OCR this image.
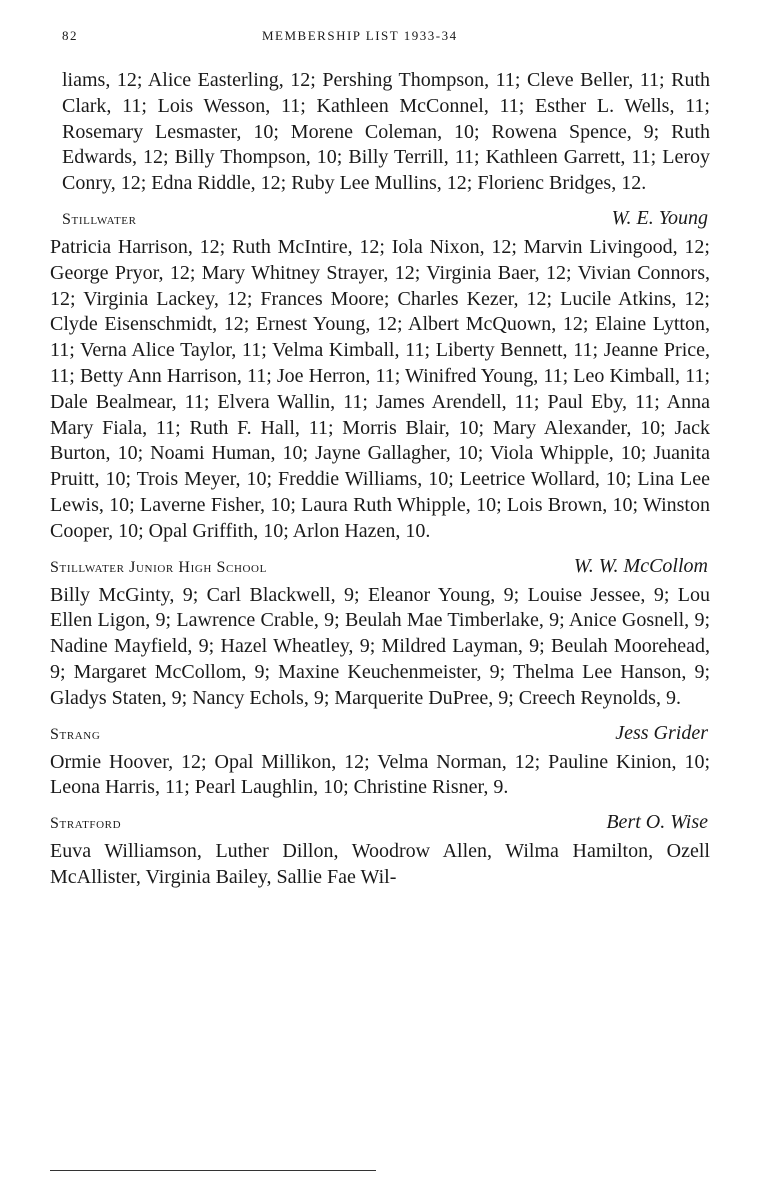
82	MEMBERSHIP LIST 1933-34

liams, 12; Alice Easterling, 12; Pershing Thompson, 11; Cleve Beller, 11; Ruth Clark, 11; Lois Wesson, 11; Kathleen McConnel, 11; Esther L. Wells, 11; Rosemary Lesmaster, 10; Morene Coleman, 10; Rowena Spence, 9; Ruth Edwards, 12; Billy Thompson, 10; Billy Terrill, 11; Kathleen Garrett, 11; Leroy Conry, 12; Edna Riddle, 12; Ruby Lee Mullins, 12; Florienc Bridges, 12.

Stillwater	W. E. Young

Patricia Harrison, 12; Ruth McIntire, 12; Iola Nixon, 12; Marvin Livingood, 12; George Pryor, 12; Mary Whitney Strayer, 12; Virginia Baer, 12; Vivian Connors, 12; Virginia Lackey, 12; Frances Moore; Charles Kezer, 12; Lucile Atkins, 12; Clyde Eisenschmidt, 12; Ernest Young, 12; Albert McQuown, 12; Elaine Lytton, 11; Verna Alice Taylor, 11; Velma Kimball, 11; Liberty Bennett, 11; Jeanne Price, 11; Betty Ann Harrison, 11; Joe Herron, 11; Winifred Young, 11; Leo Kimball, 11; Dale Bealmear, 11; Elvera Wallin, 11; James Arendell, 11; Paul Eby, 11; Anna Mary Fiala, 11; Ruth F. Hall, 11; Morris Blair, 10; Mary Alexander, 10; Jack Burton, 10; Noami Human, 10; Jayne Gallagher, 10; Viola Whipple, 10; Juanita Pruitt, 10; Trois Meyer, 10; Freddie Williams, 10; Leetrice Wollard, 10; Lina Lee Lewis, 10; Laverne Fisher, 10; Laura Ruth Whipple, 10; Lois Brown, 10; Winston Cooper, 10; Opal Griffith, 10; Arlon Hazen, 10.

Stillwater Junior High School	W. W. McCollom

Billy McGinty, 9; Carl Blackwell, 9; Eleanor Young, 9; Louise Jessee, 9; Lou Ellen Ligon, 9; Lawrence Crable, 9; Beulah Mae Timberlake, 9; Anice Gosnell, 9; Nadine Mayfield, 9; Hazel Wheatley, 9; Mildred Layman, 9; Beulah Moorehead, 9; Margaret McCollom, 9; Maxine Keuchenmeister, 9; Thelma Lee Hanson, 9; Gladys Staten, 9; Nancy Echols, 9; Marquerite DuPree, 9; Creech Reynolds, 9.

Strang	Jess Grider

Ormie Hoover, 12; Opal Millikon, 12; Velma Norman, 12; Pauline Kinion, 10; Leona Harris, 11; Pearl Laughlin, 10; Christine Risner, 9.

Stratford	Bert O. Wise

Euva Williamson, Luther Dillon, Woodrow Allen, Wilma Hamilton, Ozell McAllister, Virginia Bailey, Sallie Fae Wil-
